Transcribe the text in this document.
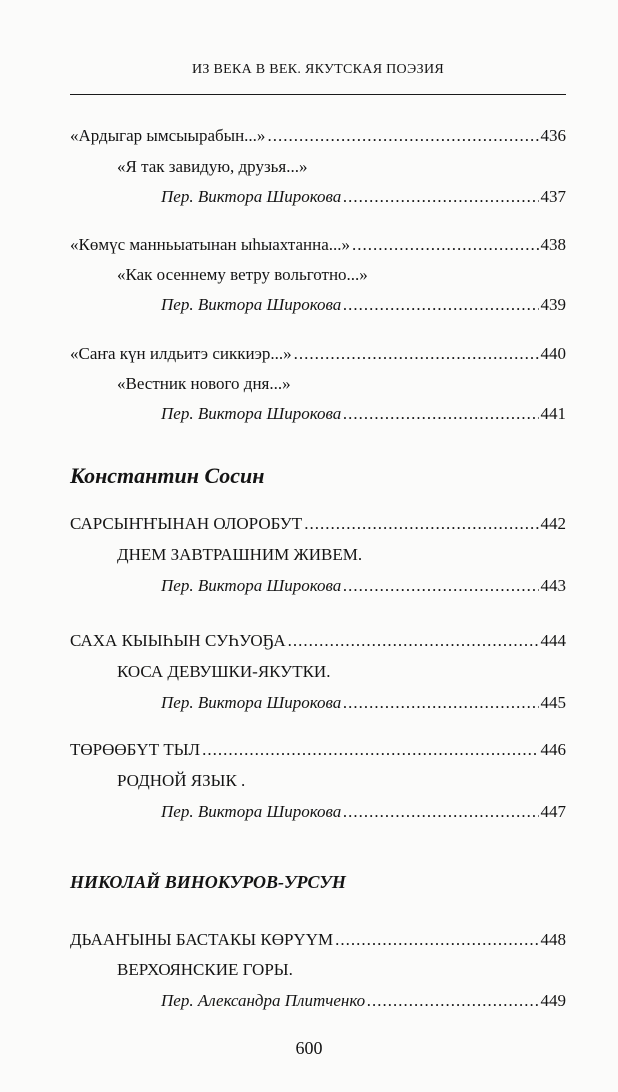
ИЗ ВЕКА В ВЕК. ЯКУТСКАЯ ПОЭЗИЯ
«Ардыгар ымсыырабын...» .....	436
«Я так завидую, друзья...»
Пер. Виктора Широкова .....	437
«Көмүс манньыатынан ыһыахтанна...» .....	438
«Как осеннему ветру вольготно...»
Пер. Виктора Широкова .....	439
«Саҥа күн илдьитэ сиккиэр...» .....	440
«Вестник нового дня...»
Пер. Виктора Широкова .....	441
Константин Сосин
САРСЫҤҤЫНАН ОЛОРОБУТ .....	442
ДНЕМ ЗАВТРАШНИМ ЖИВЕМ.
Пер. Виктора Широкова .....	443
САХА КЫЫҺЫН СУҺУОҔА .....	444
КОСА ДЕВУШКИ-ЯКУТКИ.
Пер. Виктора Широкова .....	445
ТӨРӨӨБҮТ ТЫЛ .....	446
РОДНОЙ ЯЗЫК .
Пер. Виктора Широкова .....	447
НИКОЛАЙ ВИНОКУРОВ-УРСУН
ДЬААҤЫНЫ БАСТАКЫ КӨРҮҮМ .....	448
ВЕРХОЯНСКИЕ ГОРЫ.
Пер. Александра Плитченко .....	449
600
